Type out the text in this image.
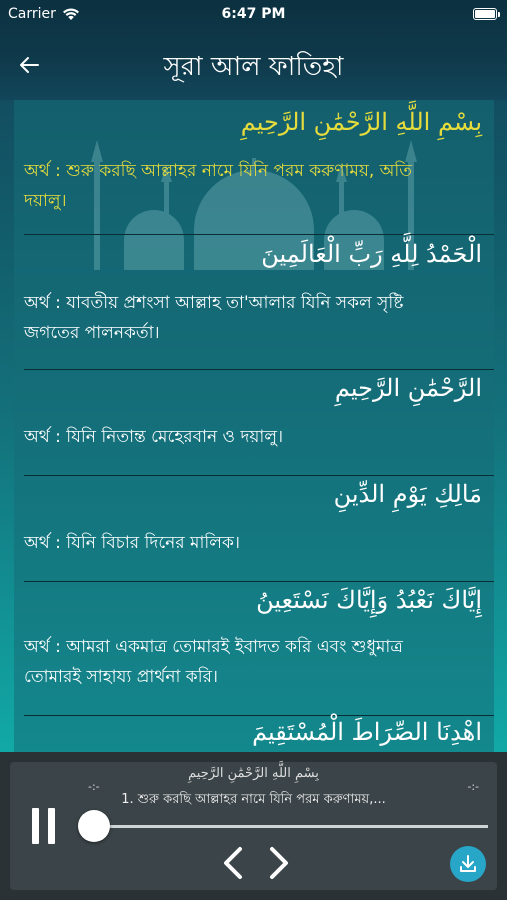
Carrier	6:47 PM
সূরা আল ফাতিহা
بِسْمِ اللَّهِ الرَّحْمَٰنِ الرَّحِيمِ
অর্থ : শুরু করছি আল্লাহর নামে যিনি পরম করুণাময়, অতি দয়ালু।
الْحَمْدُ لِلَّهِ رَبِّ الْعَالَمِينَ
অর্থ : যাবতীয় প্রশংসা আল্লাহ তা'আলার যিনি সকল সৃষ্টি জগতের পালনকর্তা।
الرَّحْمَٰنِ الرَّحِيمِ
অর্থ : যিনি নিতান্ত মেহেরবান ও দয়ালু।
مَالِكِ يَوْمِ الدِّينِ
অর্থ : যিনি বিচার দিনের মালিক।
إِيَّاكَ نَعْبُدُ وَإِيَّاكَ نَسْتَعِينُ
অর্থ : আমরা একমাত্র তোমারই ইবাদত করি এবং শুধুমাত্র তোমারই সাহায্য প্রার্থনা করি।
اهْدِنَا الصِّرَاطَ الْمُسْتَقِيمَ
بِسْمِ اللَّهِ الرَّحْمَٰنِ الرَّحِيمِ
-:-	-:-
1. শুরু করছি আল্লাহর নামে যিনি পরম করুণাময়,...
